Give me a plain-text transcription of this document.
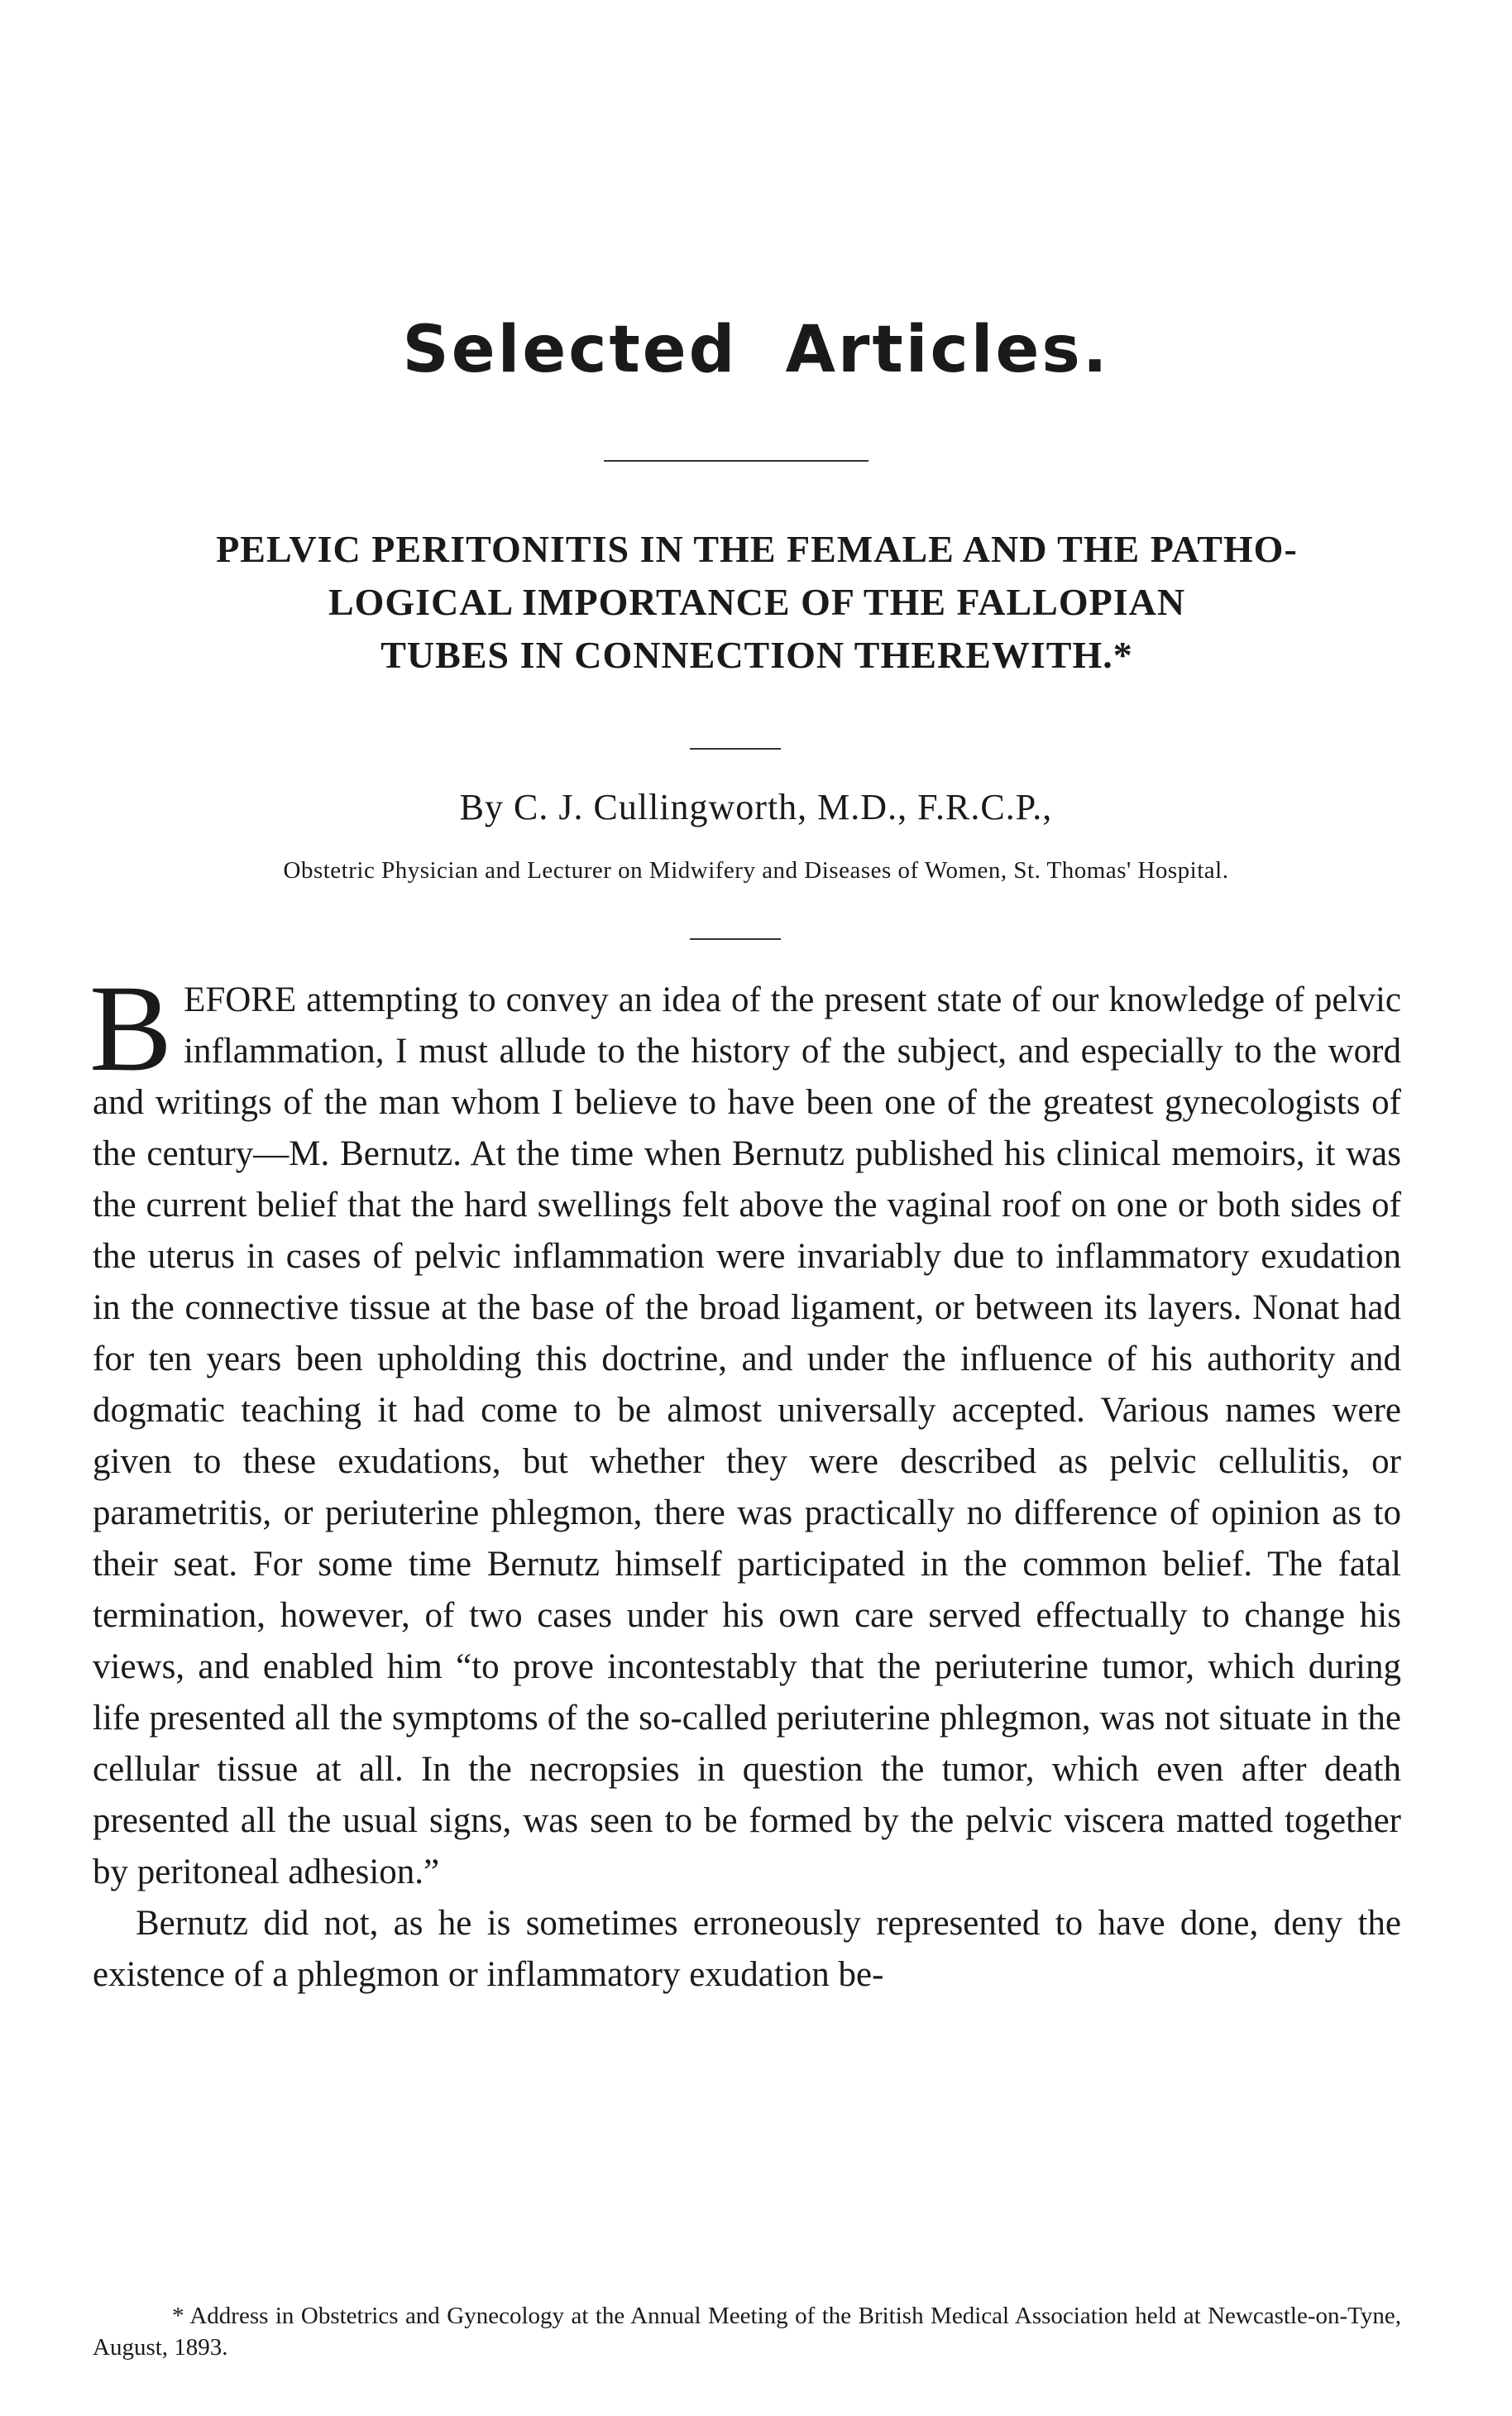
Selected Articles.
PELVIC PERITONITIS IN THE FEMALE AND THE PATHO-
LOGICAL IMPORTANCE OF THE FALLOPIAN
TUBES IN CONNECTION THEREWITH.*

By C. J. Cullingworth, M.D., F.R.C.P.,

Obstetric Physician and Lecturer on Midwifery and Diseases of Women, St. Thomas' Hospital.

BEFORE attempting to convey an idea of the present state of our knowledge of pelvic inflammation, I must allude to the history of the subject, and especially to the word and writings of the man whom I believe to have been one of the greatest gynecologists of the century—M. Bernutz. At the time when Bernutz published his clinical memoirs, it was the current belief that the hard swellings felt above the vaginal roof on one or both sides of the uterus in cases of pelvic inflammation were invariably due to inflammatory exudation in the connective tissue at the base of the broad ligament, or between its layers. Nonat had for ten years been upholding this doctrine, and under the influence of his authority and dogmatic teaching it had come to be almost universally accepted. Various names were given to these exudations, but whether they were described as pelvic cellulitis, or parametritis, or periuterine phlegmon, there was practically no difference of opinion as to their seat. For some time Bernutz himself participated in the common belief. The fatal termination, however, of two cases under his own care served effectually to change his views, and enabled him “to prove incontestably that the periuterine tumor, which during life presented all the symptoms of the so-called periuterine phlegmon, was not situate in the cellular tissue at all. In the necropsies in question the tumor, which even after death presented all the usual signs, was seen to be formed by the pelvic viscera matted together by peritoneal adhesion.”

Bernutz did not, as he is sometimes erroneously represented to have done, deny the existence of a phlegmon or inflammatory exudation be-

* Address in Obstetrics and Gynecology at the Annual Meeting of the British Medical Association held at Newcastle-on-Tyne, August, 1893.
